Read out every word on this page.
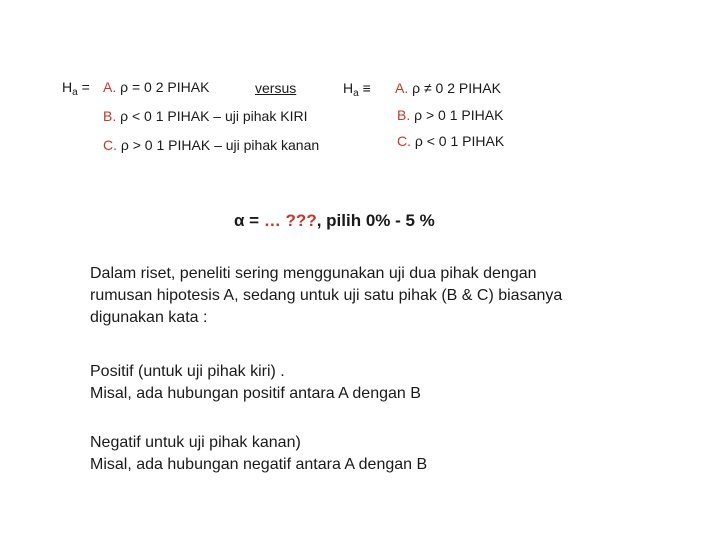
$H_a = A$. ρ = 0 2 PIHAK
B. ρ < 0 1 PIHAK – uji pihak KIRI
C. ρ > 0 1 PIHAK – uji pihak kanan
versus	$H_a \equiv A$. ρ ≠ 0 2 PIHAK
B. ρ > 0 1 PIHAK
C. ρ < 0 1 PIHAK
α = … ???, pilih 0% - 5 %
Dalam riset, peneliti sering menggunakan uji dua pihak dengan
rumusan hipotesis A, sedang untuk uji satu pihak (B & C) biasanya
digunakan kata :
Positif (untuk uji pihak kiri) .
Misal, ada hubungan positif antara A dengan B
Negatif untuk uji pihak kanan)
Misal, ada hubungan negatif antara A dengan B
